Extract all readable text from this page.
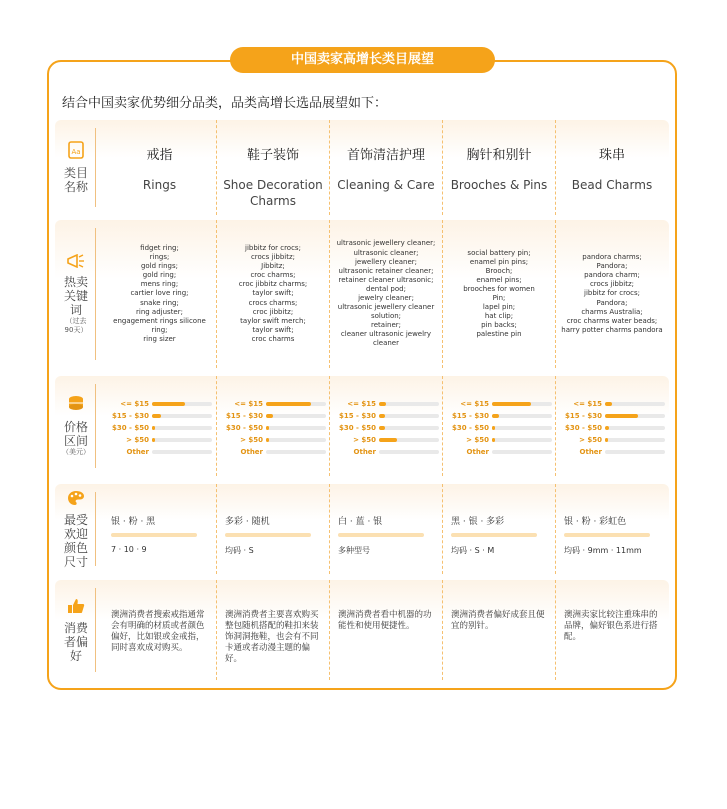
中国卖家高增长类目展望
结合中国卖家优势细分品类，品类高增长选品展望如下：
Aa
类目
名称
戒指
Rings
鞋子装饰
Shoe Decoration
Charms
首饰清洁护理
Cleaning & Care
胸针和别针
Brooches & Pins
珠串
Bead Charms
热卖
关键
词
（过去
90天）
fidget ring;
rings;
gold rings;
gold ring;
mens ring;
cartier love ring;
snake ring;
ring adjuster;
engagement rings silicone
ring;
ring sizer
jibbitz for crocs;
crocs jibbitz;
Jibbitz;
croc charms;
croc jibbitz charms;
taylor swift;
crocs charms;
croc jibbitz;
taylor swift merch;
taylor swift;
croc charms
ultrasonic jewellery cleaner;
ultrasonic cleaner;
jewellery cleaner;
ultrasonic retainer cleaner;
retainer cleaner ultrasonic;
dental pod;
jewelry cleaner;
ultrasonic jewellery cleaner
solution;
retainer;
cleaner ultrasonic jewelry
cleaner
social battery pin;
enamel pin pins;
Brooch;
enamel pins;
brooches for women
Pin;
lapel pin;
hat clip;
pin backs;
palestine pin
pandora charms;
Pandora;
pandora charm;
crocs jibbitz;
jibbitz for crocs;
Pandora;
charms Australia;
croc charms water beads;
harry potter charms pandora
价格
区间
（美元）
<= $15
$15 - $30
$30 - $50
> $50
Other
<= $15
$15 - $30
$30 - $50
> $50
Other
<= $15
$15 - $30
$30 - $50
> $50
Other
<= $15
$15 - $30
$30 - $50
> $50
Other
<= $15
$15 - $30
$30 - $50
> $50
Other
最受
欢迎
颜色
尺寸
银 · 粉 · 黑
7 · 10 · 9
多彩 · 随机
均码 · S
白 · 蓝 · 银
多种型号
黑 · 银 · 多彩
均码 · S · M
银 · 粉 · 彩虹色
均码 · 9mm · 11mm
消费
者偏
好
澳洲消费者搜索戒指通常会有明确的材质或者颜色偏好，比如银或金戒指，同时喜欢成对购买。
澳洲消费者主要喜欢购买整包随机搭配的鞋扣来装饰洞洞拖鞋，也会有不同卡通或者动漫主题的偏好。
澳洲消费者看中机器的功能性和使用便捷性。
澳洲消费者偏好成套且便宜的别针。
澳洲卖家比较注重珠串的品牌，偏好银色系进行搭配。
